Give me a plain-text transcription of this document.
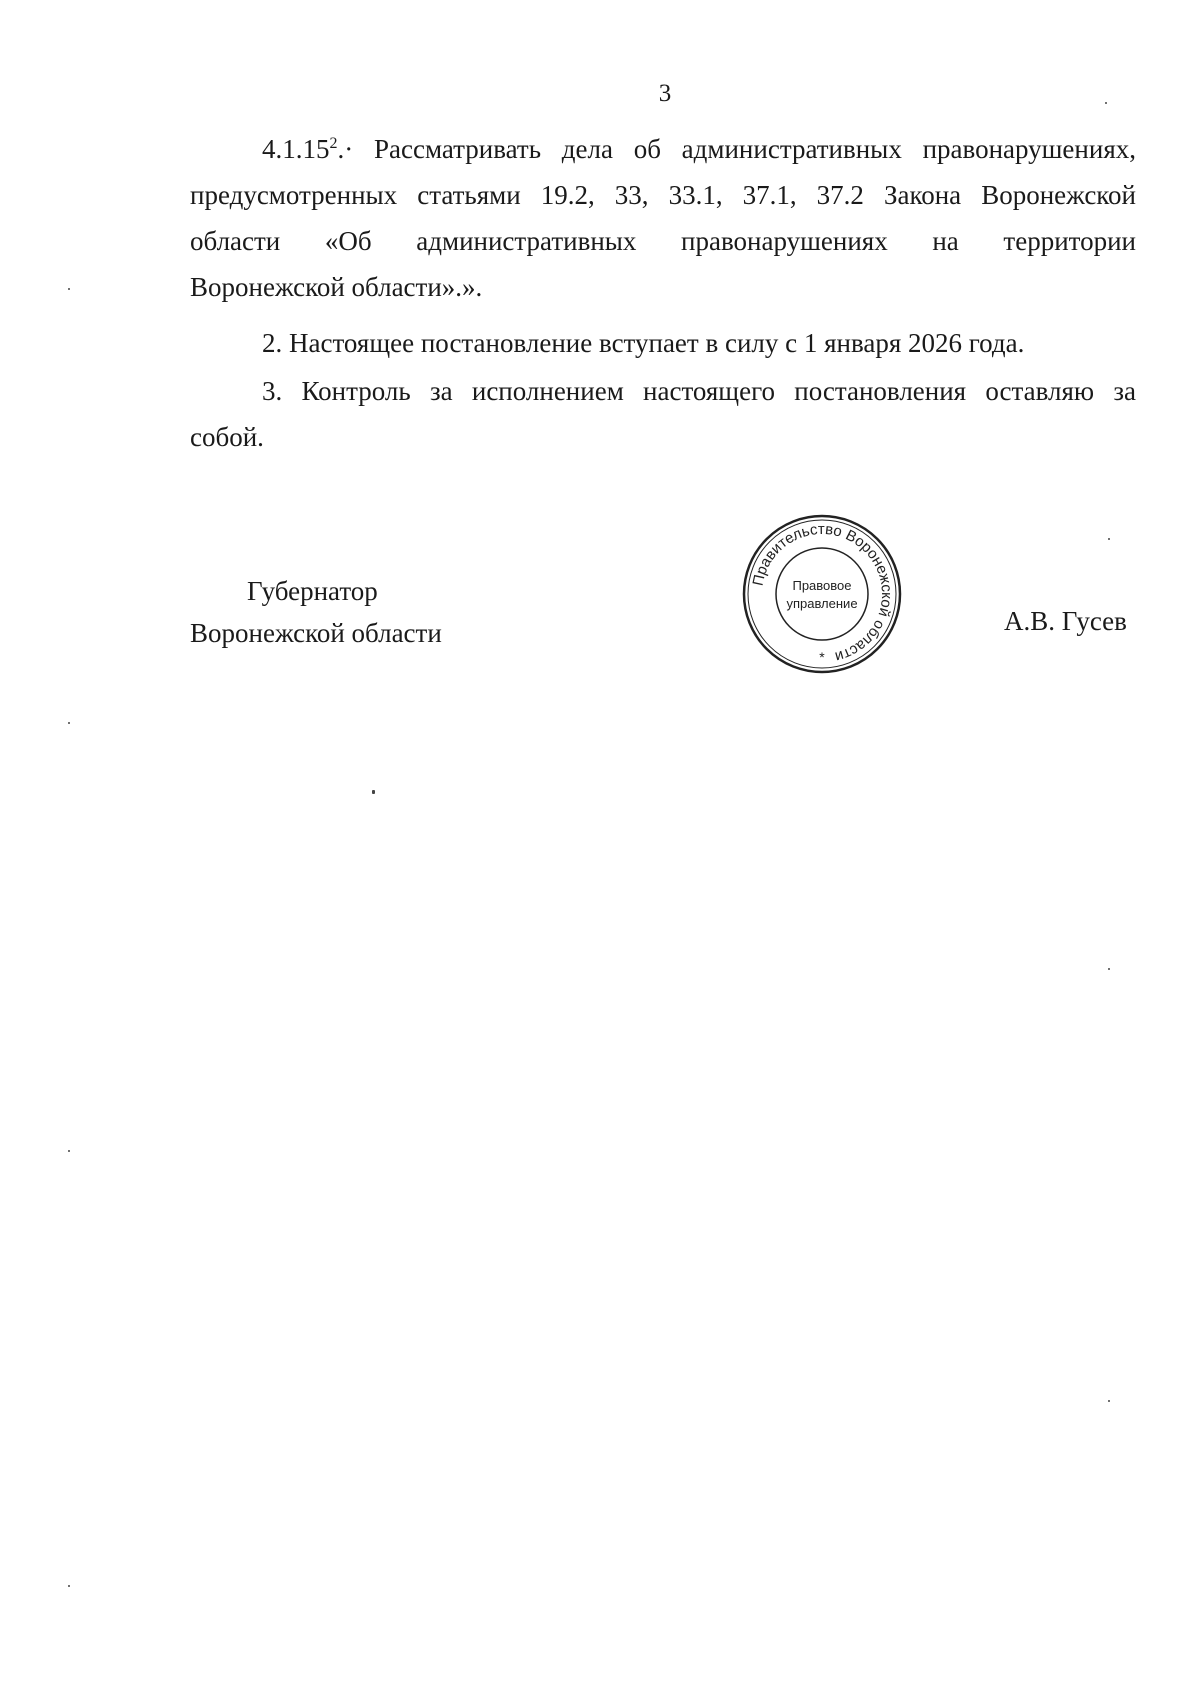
3
$4.1.15^2.\cdot$ Рассматривать дела об административных правонарушениях,
предусмотренных статьями 19.2, 33, 33.1, 37.1, 37.2 Закона Воронежской
области «Об административных правонарушениях на территории
Воронежской области».».
2. Настоящее постановление вступает в силу с 1 января 2026 года.
3. Контроль за исполнением настоящего постановления оставляю за
собой.
Губернатор
Воронежской области
Правительство Воронежской области
Правовое
управление
*
А.В. Гусев
